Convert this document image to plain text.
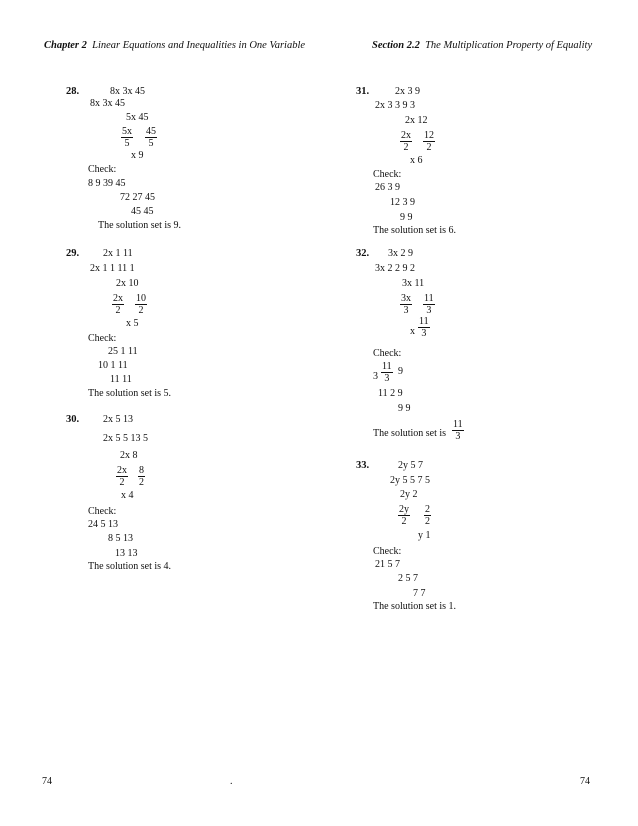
Chapter 2 Linear Equations and Inequalities in One Variable	Section 2.2 The Multiplication Property of Equality
28.	8x 3x 45
8x 3x 45
5x 45
$\frac{5x}{5} \frac{45}{5}$
x 9
Check:
8 9 39 45
72 27 45
45 45
The solution set is 9.
29. 2x 1 11
2x 1 1 11 1
2x 10
$\frac{2x}{2} \frac{10}{2}$
x 5
Check:
25 1 11
10 1 11
11 11
The solution set is 5.
30. 2x 5 13
2x 5 5 13 5
2x 8
$\frac{2x}{2} \frac{8}{2}$
x 4
Check:
24 5 13
8 5 13
13 13
The solution set is 4.
31.	2x 3 9
2x 3 3 9 3
2x 12
$\frac{2x}{2} \frac{12}{2}$
x 6
Check:
26 3 9
12 3 9
9 9
The solution set is 6.
32. 3x 2 9
3x 2 2 9 2
3x 11
$\frac{3x}{3} \frac{11}{3}$
x $\frac{11}{3}$
Check:
$3 \frac{11}{3} 9$
11 2 9
9 9
The solution set is $\frac{11}{3}$
33.	2y 5 7
2y 5 5 7 5
2y 2
$\frac{2y}{2} \frac{2}{2}$
y 1
Check:
21 5 7
2 5 7
7 7
The solution set is 1.
74	.	74
